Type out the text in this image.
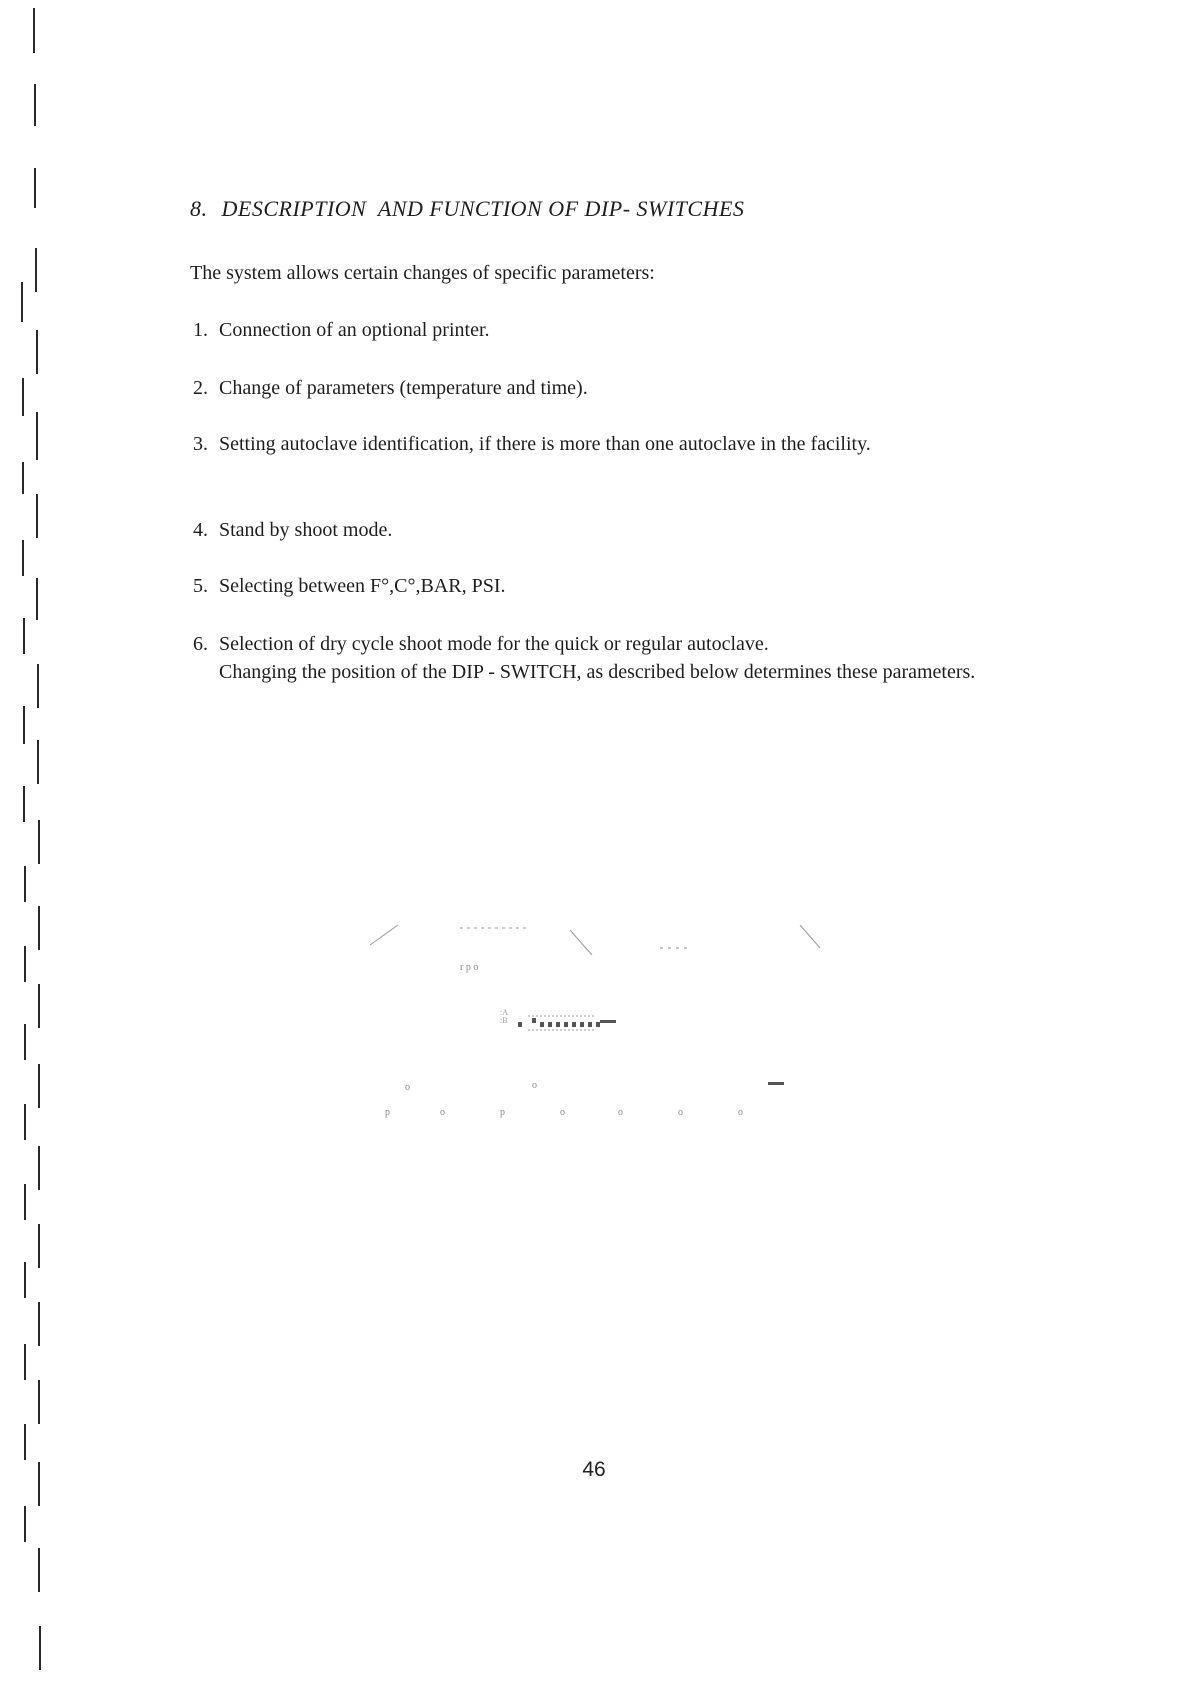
8. DESCRIPTION  AND FUNCTION OF DIP- SWITCHES
The system allows certain changes of specific parameters:
1. Connection of an optional printer.
2. Change of parameters (temperature and time).
3. Setting autoclave identification, if there is more than one autoclave in the facility.
4. Stand by shoot mode.
5. Selecting between F°,C°,BAR, PSI.
6. Selection of dry cycle shoot mode for the quick or regular autoclave.
Changing the position of the DIP - SWITCH, as described below determines these parameters.
r p o
:A
:B
o	o
p	o	p	o	o	o	o
46
